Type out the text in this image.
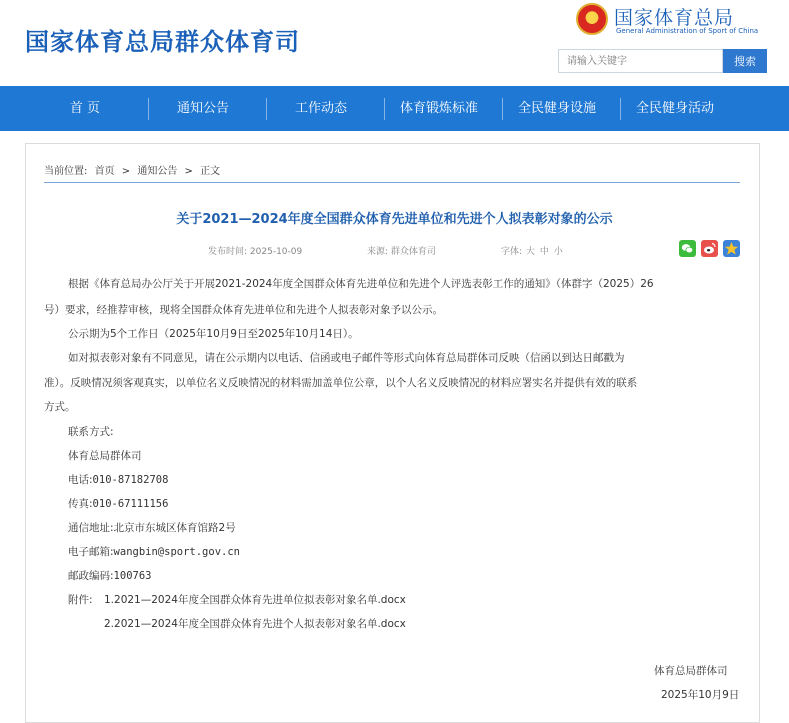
国家体育总局群众体育司
国家体育总局
General Administration of Sport of China
请输入关键字
搜索
首 页	通知公告	工作动态	体育锻炼标准	全民健身设施	全民健身活动
当前位置: 首页 > 通知公告 > 正文
关于2021—2024年度全国群众体育先进单位和先进个人拟表彰对象的公示
发布时间: 2025-10-09	来源: 群众体育司	字体: 大 中 小
根据《体育总局办公厅关于开展2021-2024年度全国群众体育先进单位和先进个人评选表彰工作的通知》（体群字（2025）26
号）要求，经推荐审核，现将全国群众体育先进单位和先进个人拟表彰对象予以公示。
公示期为5个工作日（2025年10月9日至2025年10月14日）。
如对拟表彰对象有不同意见，请在公示期内以电话、信函或电子邮件等形式向体育总局群体司反映（信函以到达日邮戳为
准）。反映情况须客观真实，以单位名义反映情况的材料需加盖单位公章，以个人名义反映情况的材料应署实名并提供有效的联系
方式。
联系方式:
体育总局群体司
电话:010-87182708
传真:010-67111156
通信地址:北京市东城区体育馆路2号
电子邮箱:wangbin@sport.gov.cn
邮政编码:100763
附件: 1.2021—2024年度全国群众体育先进单位拟表彰对象名单.docx
2.2021—2024年度全国群众体育先进个人拟表彰对象名单.docx
体育总局群体司
2025年10月9日
